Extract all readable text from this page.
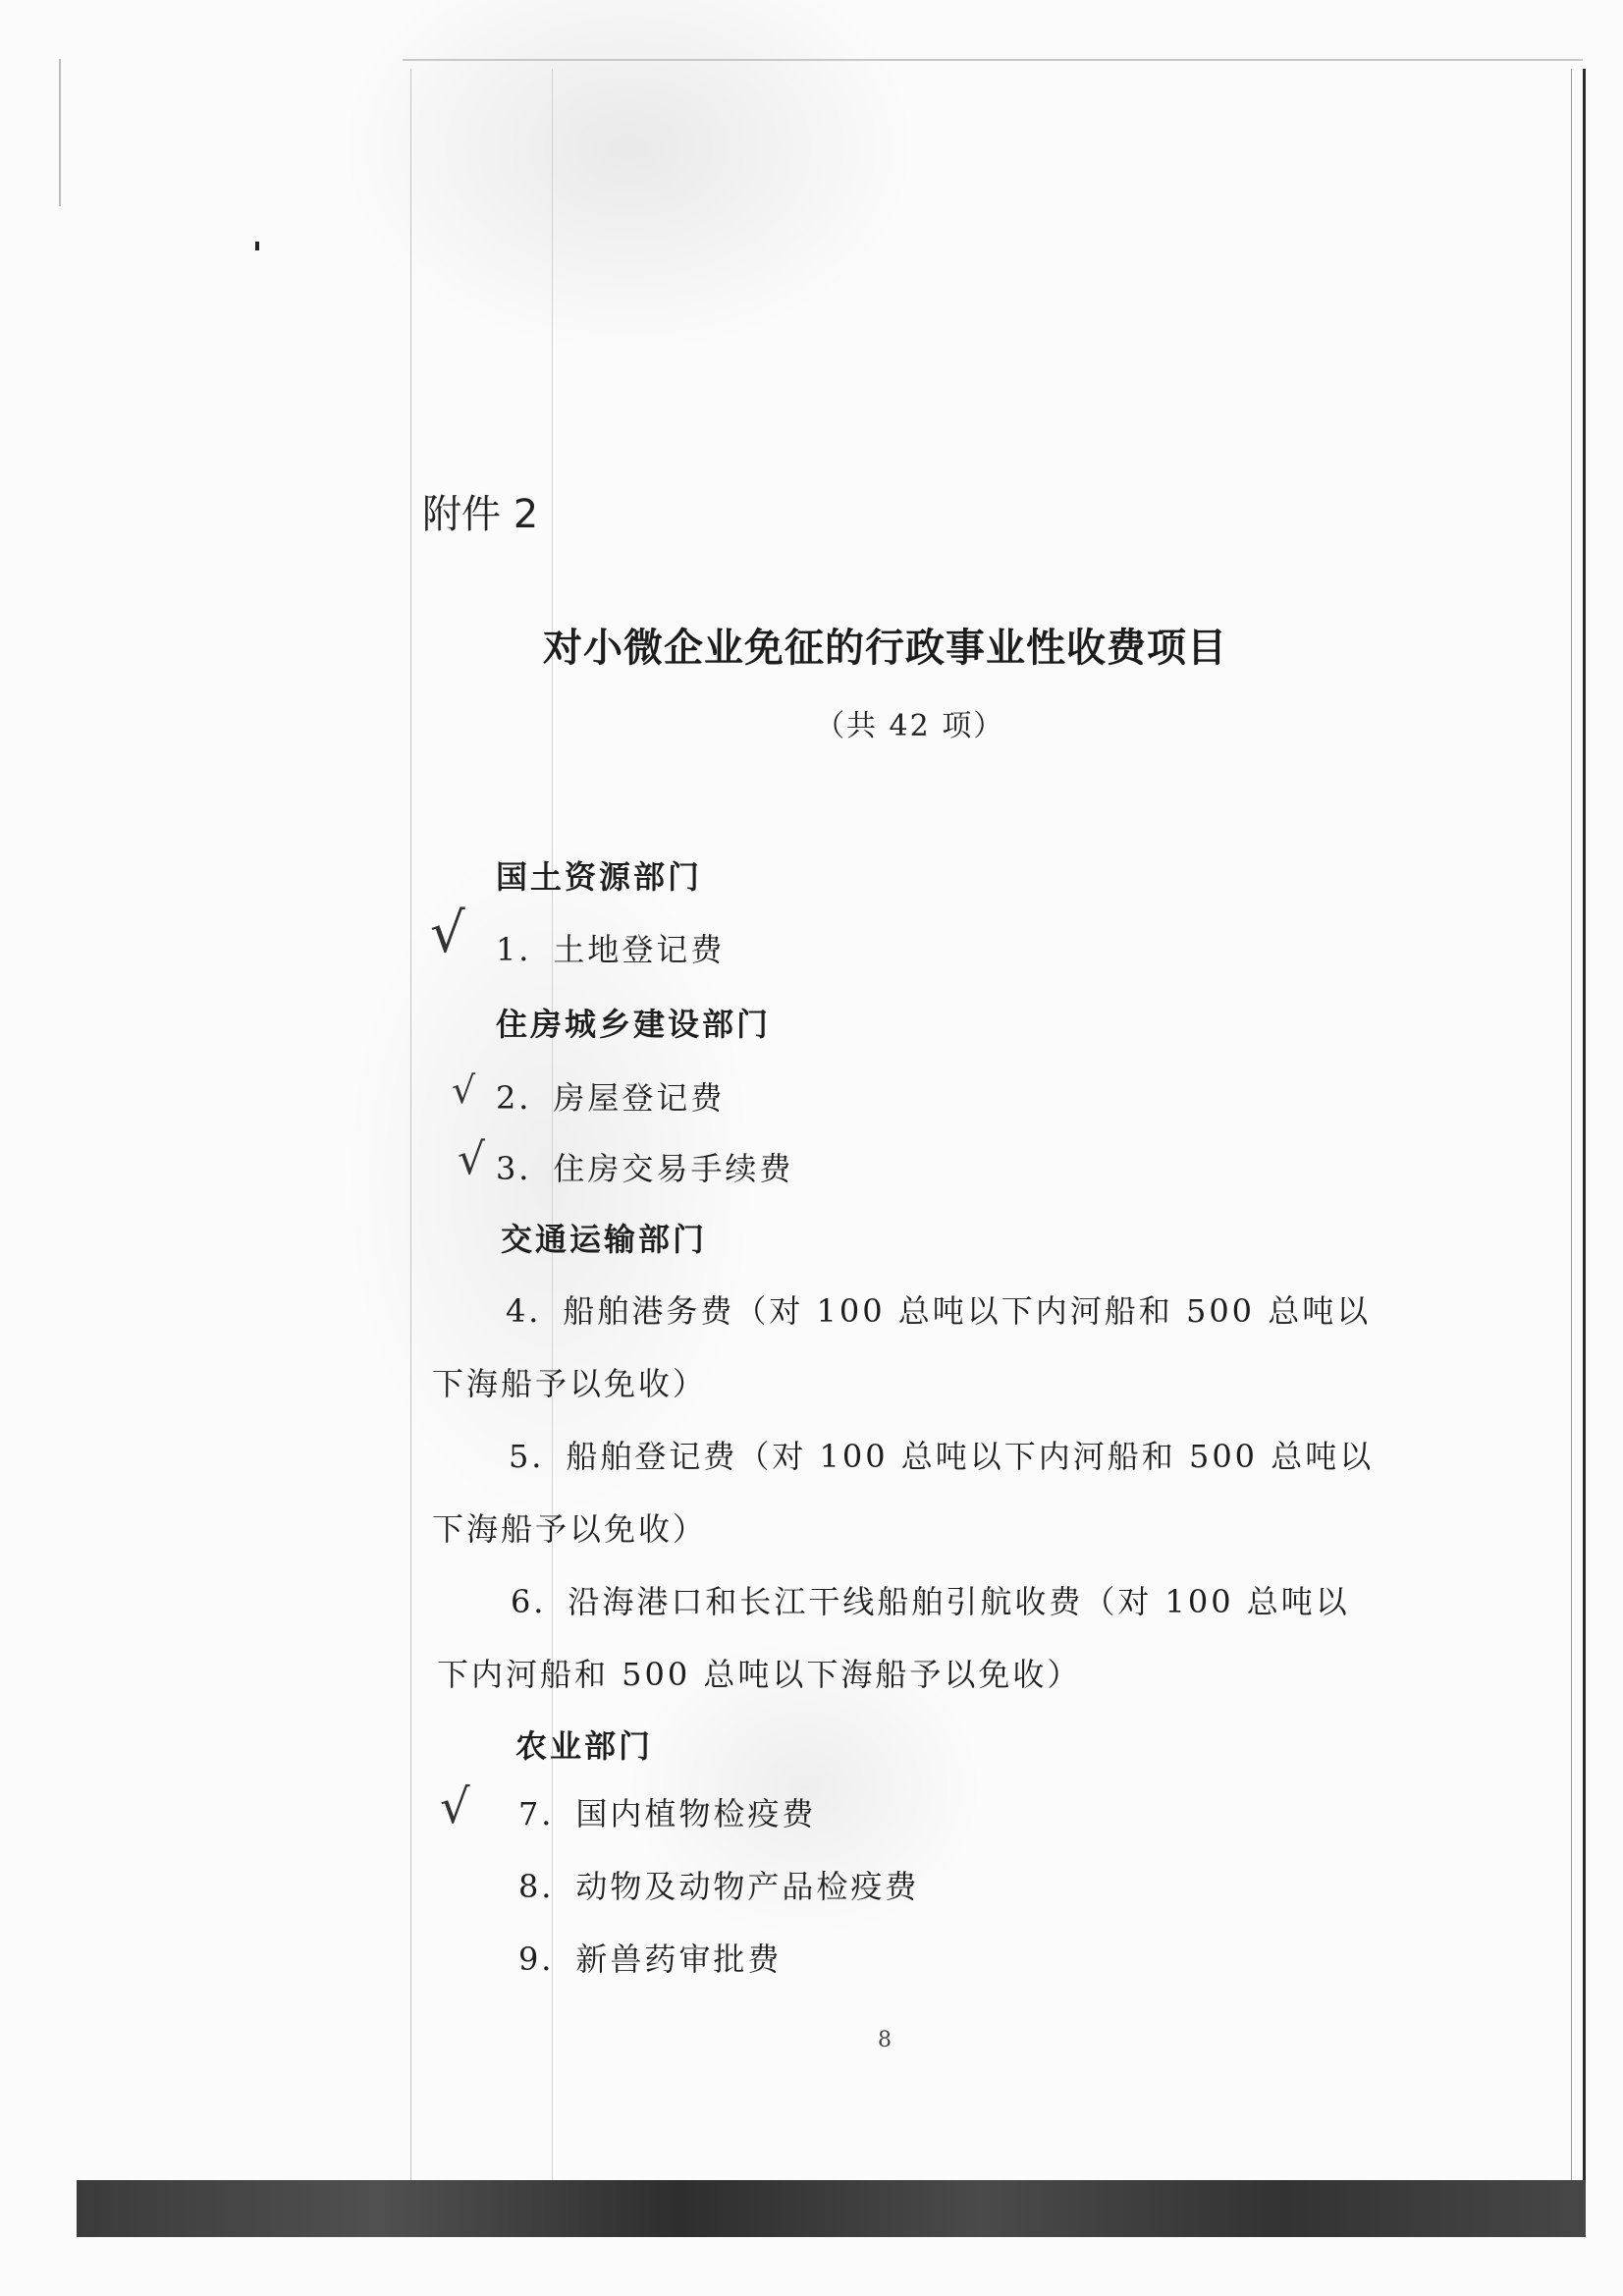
附件 2
对小微企业免征的行政事业性收费项目
（共 42 项）
国土资源部门
√ 1．土地登记费
住房城乡建设部门
√ 2．房屋登记费
√ 3．住房交易手续费
交通运输部门
4．船舶港务费（对 100 总吨以下内河船和 500 总吨以
下海船予以免收）
5．船舶登记费（对 100 总吨以下内河船和 500 总吨以
下海船予以免收）
6．沿海港口和长江干线船舶引航收费（对 100 总吨以
下内河船和 500 总吨以下海船予以免收）
农业部门
√ 7．国内植物检疫费
8．动物及动物产品检疫费
9．新兽药审批费
8
